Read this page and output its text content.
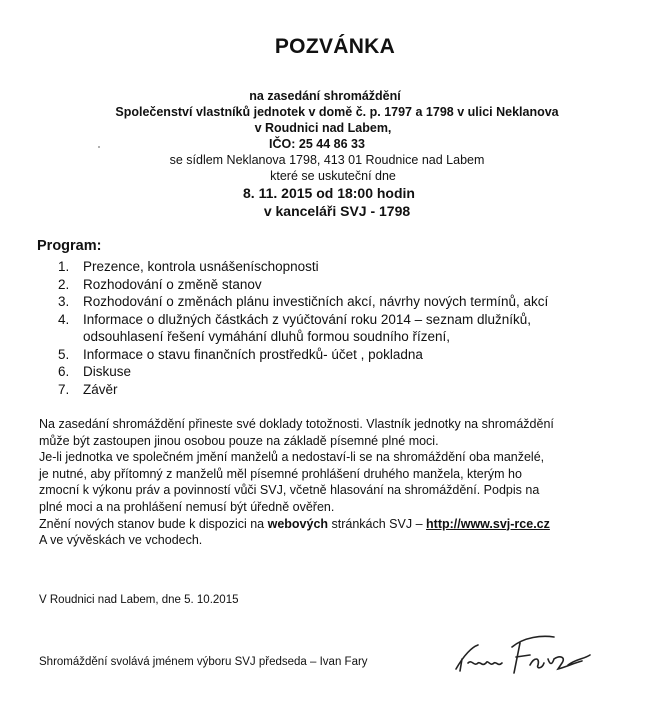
POZVÁNKA
na zasedání shromáždění
Společenství vlastníků jednotek v domě č. p. 1797 a 1798 v ulici Neklanova
v Roudnici nad Labem,
IČO: 25 44 86 33
se sídlem Neklanova 1798, 413 01 Roudnice nad Labem
které se uskuteční dne
8. 11. 2015 od 18:00 hodin
v kanceláři SVJ - 1798
Program:
1.	Prezence, kontrola usnášeníschopnosti
2.	Rozhodování o změně stanov
3.	Rozhodování o změnách plánu investičních akcí, návrhy nových termínů, akcí
4.	Informace o dlužných částkách z vyúčtování roku 2014 – seznam dlužníků,
odsouhlasení řešení vymáhání dluhů formou soudního řízení,
5.	Informace o stavu finančních prostředků- účet , pokladna
6.	Diskuse
7.	Závěr
Na zasedání shromáždění přineste své doklady totožnosti. Vlastník jednotky na shromáždění
může být zastoupen jinou osobou pouze na základě písemné plné moci.
Je-li jednotka ve společném jmění manželů a nedostaví-li se na shromáždění oba manželé,
je nutné, aby přítomný z manželů měl písemné prohlášení druhého manžela, kterým ho
zmocní k výkonu práv a povinností vůči SVJ, včetně hlasování na shromáždění. Podpis na
plné moci a na prohlášení nemusí být úředně ověřen.
Znění nových stanov bude k dispozici na webových stránkách SVJ – http://www.svj-rce.cz
A ve vývěskách ve vchodech.
V Roudnici nad Labem, dne 5. 10.2015
Shromáždění svolává jménem výboru SVJ předseda – Ivan Fary
